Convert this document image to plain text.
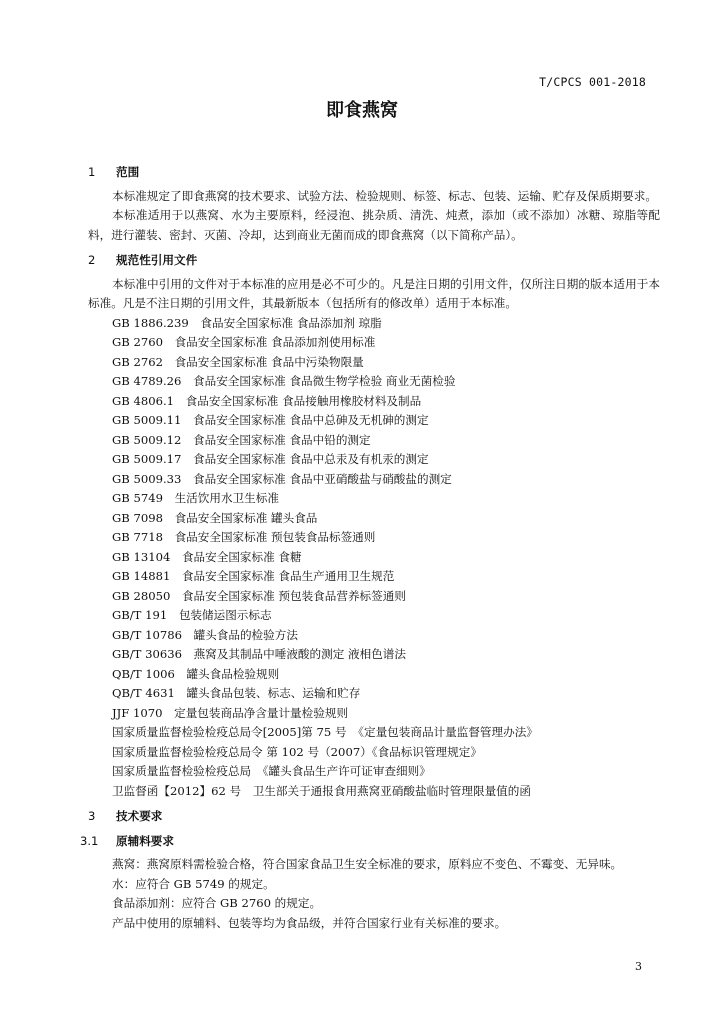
T/CPCS 001-2018
即食燕窝
1	范围
本标准规定了即食燕窝的技术要求、试验方法、检验规则、标签、标志、包装、运输、贮存及保质期要求。
本标准适用于以燕窝、水为主要原料，经浸泡、挑杂质、清洗、炖煮，添加（或不添加）冰糖、琼脂等配料，进行灌装、密封、灭菌、冷却，达到商业无菌而成的即食燕窝（以下简称产品）。
2	规范性引用文件
本标准中引用的文件对于本标准的应用是必不可少的。凡是注日期的引用文件，仅所注日期的版本适用于本标准。凡是不注日期的引用文件，其最新版本（包括所有的修改单）适用于本标准。
GB 1886.239　食品安全国家标准 食品添加剂 琼脂
GB 2760　食品安全国家标准 食品添加剂使用标准
GB 2762　食品安全国家标准 食品中污染物限量
GB 4789.26　食品安全国家标准 食品微生物学检验 商业无菌检验
GB 4806.1　食品安全国家标准 食品接触用橡胶材料及制品
GB 5009.11　食品安全国家标准 食品中总砷及无机砷的测定
GB 5009.12　食品安全国家标准 食品中铅的测定
GB 5009.17　食品安全国家标准 食品中总汞及有机汞的测定
GB 5009.33　食品安全国家标准 食品中亚硝酸盐与硝酸盐的测定
GB 5749　生活饮用水卫生标准
GB 7098　食品安全国家标准 罐头食品
GB 7718　食品安全国家标准 预包装食品标签通则
GB 13104　食品安全国家标准 食糖
GB 14881　食品安全国家标准 食品生产通用卫生规范
GB 28050　食品安全国家标准 预包装食品营养标签通则
GB/T 191　包装储运图示标志
GB/T 10786　罐头食品的检验方法
GB/T 30636　燕窝及其制品中唾液酸的测定 液相色谱法
QB/T 1006　罐头食品检验规则
QB/T 4631　罐头食品包装、标志、运输和贮存
JJF 1070　定量包装商品净含量计量检验规则
国家质量监督检验检疫总局令[2005]第 75 号　《定量包装商品计量监督管理办法》
国家质量监督检验检疫总局令 第 102 号（2007）《食品标识管理规定》
国家质量监督检验检疫总局　《罐头食品生产许可证审查细则》
卫监督函【2012】62 号　卫生部关于通报食用燕窝亚硝酸盐临时管理限量值的函
3	技术要求
3.1	原辅料要求
燕窝：燕窝原料需检验合格，符合国家食品卫生安全标准的要求，原料应不变色、不霉变、无异味。
水：应符合 GB 5749 的规定。
食品添加剂：应符合 GB 2760 的规定。
产品中使用的原辅料、包装等均为食品级，并符合国家行业有关标准的要求。
3
